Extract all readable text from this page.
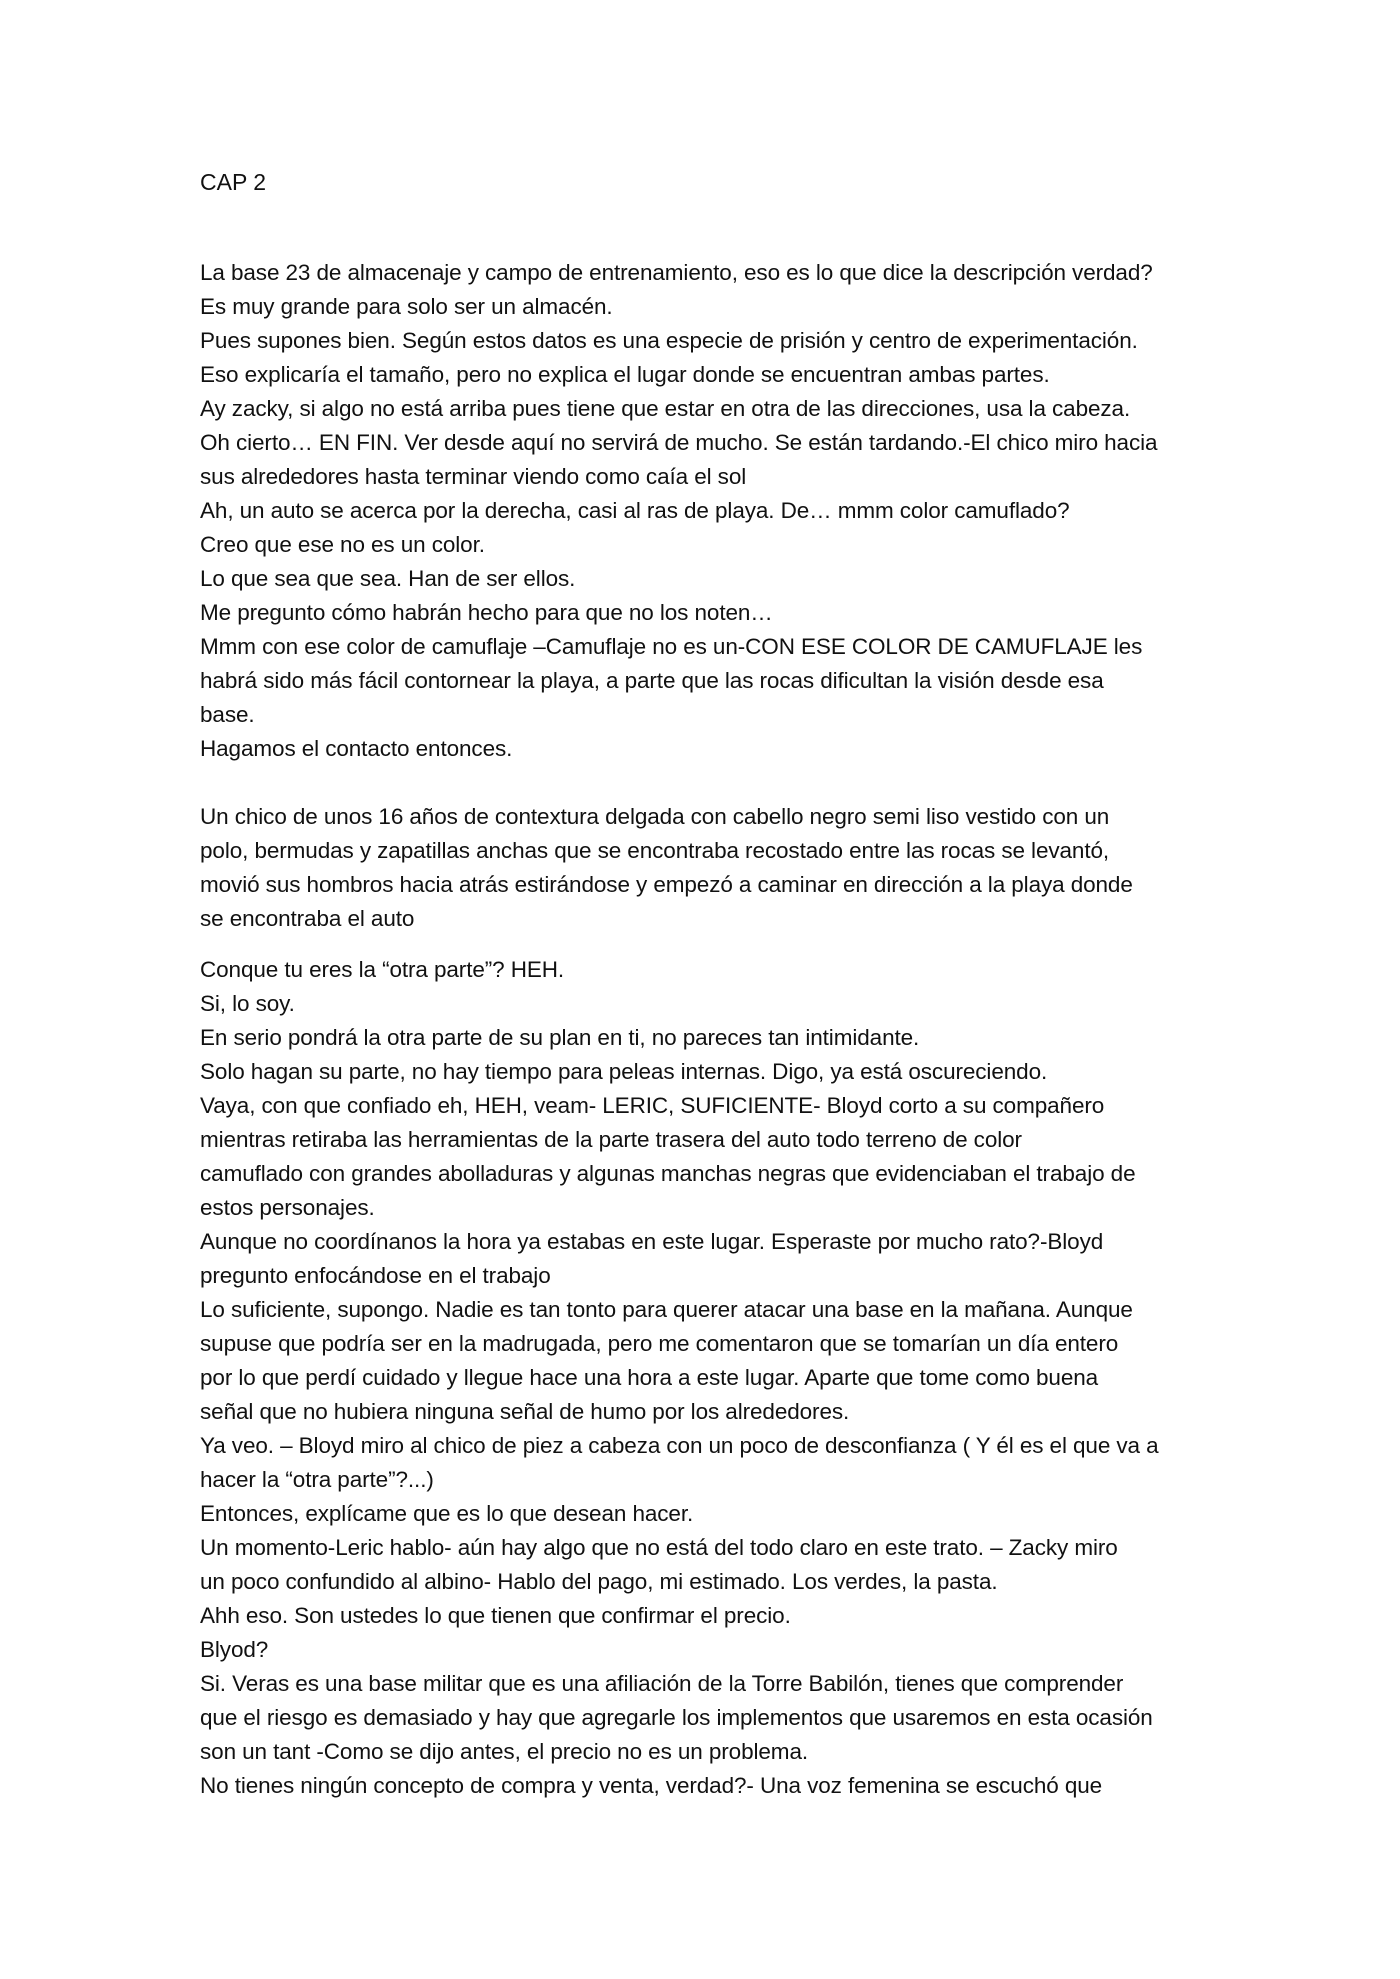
CAP 2
La base 23 de almacenaje y campo de entrenamiento, eso es lo que dice la descripción verdad?
Es muy grande para solo ser un almacén.
Pues supones bien. Según estos datos es una especie de prisión y centro de experimentación.
Eso explicaría el tamaño, pero no explica el lugar donde se encuentran ambas partes.
Ay zacky, si algo no está arriba pues tiene que estar en otra de las direcciones, usa la cabeza.
Oh cierto… EN FIN. Ver desde aquí no servirá de mucho. Se están tardando.-El chico miro hacia
sus alrededores hasta terminar viendo como caía el sol
Ah, un auto se acerca por la derecha, casi al ras de playa. De… mmm color camuflado?
Creo que ese no es un color.
Lo que sea que sea. Han de ser ellos.
Me pregunto cómo habrán hecho para que no los noten…
Mmm con ese color de camuflaje –Camuflaje no es un-CON ESE COLOR DE CAMUFLAJE les
habrá sido más fácil contornear la playa, a parte que las rocas dificultan la visión desde esa
base.
Hagamos el contacto entonces.
Un chico de unos 16 años de contextura delgada con cabello negro semi liso vestido con un
polo, bermudas y zapatillas anchas que se encontraba recostado entre las rocas se levantó,
movió sus hombros hacia atrás estirándose y empezó a caminar en dirección a la playa donde
se encontraba el auto
Conque tu eres la “otra parte”? HEH.
Si, lo soy.
En serio pondrá la otra parte de su plan en ti, no pareces tan intimidante.
Solo hagan su parte, no hay tiempo para peleas internas. Digo, ya está oscureciendo.
Vaya, con que confiado eh, HEH, veam- LERIC, SUFICIENTE- Bloyd corto a su compañero
mientras retiraba las herramientas de la parte trasera del auto todo terreno de color
camuflado con grandes abolladuras y algunas manchas negras que evidenciaban el trabajo de
estos personajes.
Aunque no coordínanos la hora ya estabas en este lugar. Esperaste por mucho rato?-Bloyd
pregunto enfocándose en el trabajo
Lo suficiente, supongo. Nadie es tan tonto para querer atacar una base en la mañana. Aunque
supuse que podría ser en la madrugada, pero me comentaron que se tomarían un día entero
por lo que perdí cuidado y llegue hace una hora a este lugar. Aparte que tome como buena
señal que no hubiera ninguna señal de humo por los alrededores.
Ya veo. – Bloyd miro al chico de piez a cabeza con un poco de desconfianza ( Y él es el que va a
hacer la “otra parte”?...)
Entonces, explícame que es lo que desean hacer.
Un momento-Leric hablo- aún hay algo que no está del todo claro en este trato. – Zacky miro
un poco confundido al albino- Hablo del pago, mi estimado. Los verdes, la pasta.
Ahh eso. Son ustedes lo que tienen que confirmar el precio.
Blyod?
Si. Veras es una base militar que es una afiliación de la Torre Babilón, tienes que comprender
que el riesgo es demasiado y hay que agregarle los implementos que usaremos en esta ocasión
son un tant -Como se dijo antes, el precio no es un problema.
No tienes ningún concepto de compra y venta, verdad?- Una voz femenina se escuchó que
